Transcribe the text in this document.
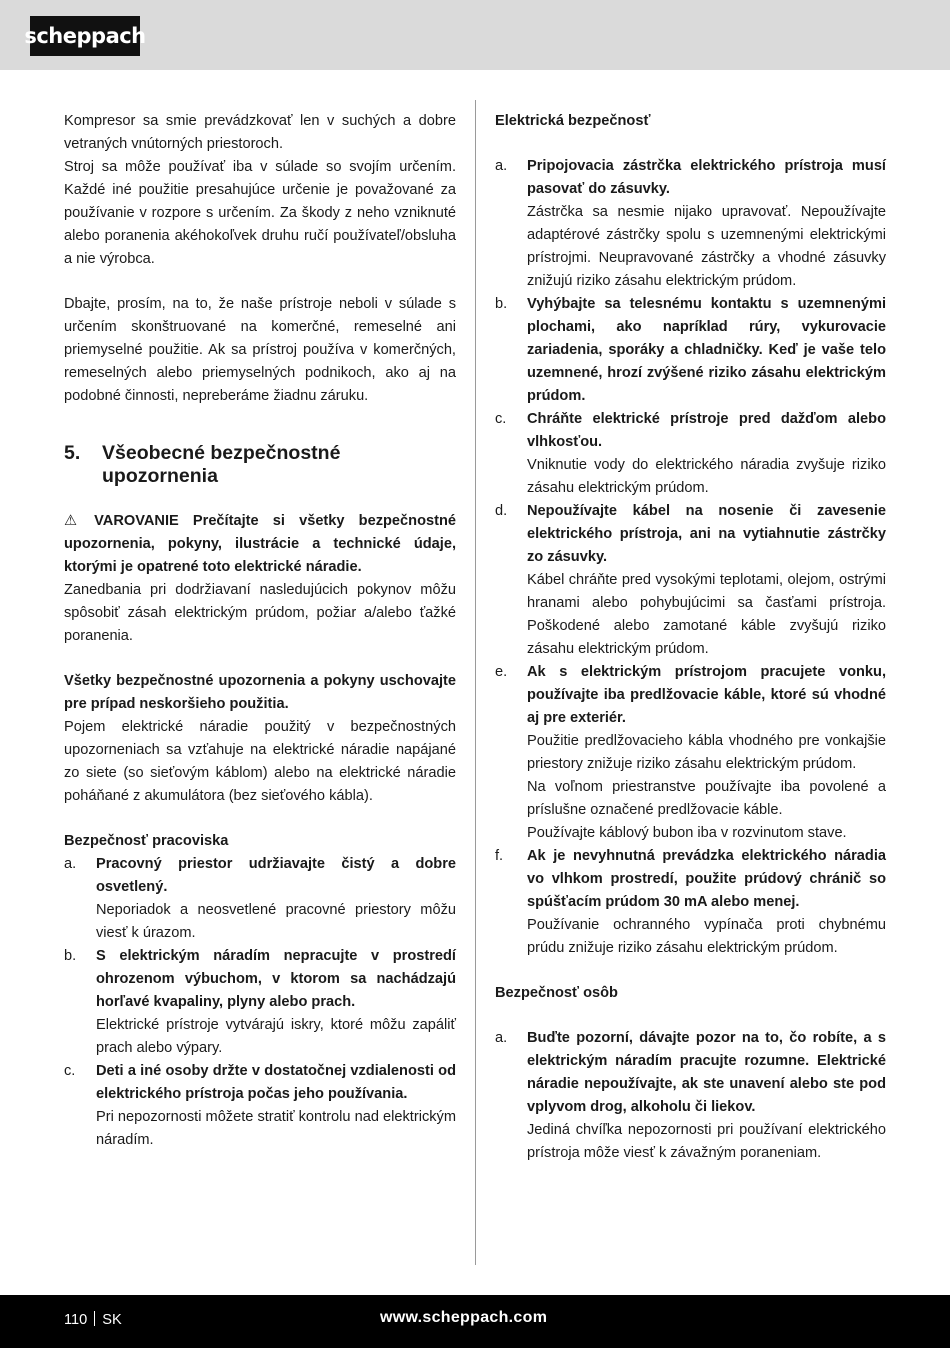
scheppach

Kompresor sa smie prevádzkovať len v suchých a dobre vetraných vnútorných priestoroch.

Stroj sa môže používať iba v súlade so svojím určením. Každé iné použitie presahujúce určenie je považované za používanie v rozpore s určením. Za škody z neho vzniknuté alebo poranenia akéhokoľvek druhu ručí používateľ/obsluha a nie výrobca.

Dbajte, prosím, na to, že naše prístroje neboli v súlade s určením skonštruované na komerčné, remeselné ani priemyselné použitie. Ak sa prístroj používa v komerčných, remeselných alebo priemyselných podnikoch, ako aj na podobné činnosti, nepreberáme žiadnu záruku.

5.	Všeobecné bezpečnostné upozornenia

⚠ VAROVANIE Prečítajte si všetky bezpečnostné upozornenia, pokyny, ilustrácie a technické údaje, ktorými je opatrené toto elektrické náradie.

Zanedbania pri dodržiavaní nasledujúcich pokynov môžu spôsobiť zásah elektrickým prúdom, požiar a/alebo ťažké poranenia.

Všetky bezpečnostné upozornenia a pokyny uschovajte pre prípad neskoršieho použitia.

Pojem elektrické náradie použitý v bezpečnostných upozorneniach sa vzťahuje na elektrické náradie napájané zo siete (so sieťovým káblom) alebo na elektrické náradie poháňané z akumulátora (bez sieťového kábla).

Bezpečnosť pracoviska

a.	Pracovný priestor udržiavajte čistý a dobre osvetlený.

Neporiadok a neosvetlené pracovné priestory môžu viesť k úrazom.

b.	S elektrickým náradím nepracujte v prostredí ohrozenom výbuchom, v ktorom sa nachádzajú horľavé kvapaliny, plyny alebo prach.

Elektrické prístroje vytvárajú iskry, ktoré môžu zapáliť prach alebo výpary.

c.	Deti a iné osoby držte v dostatočnej vzdialenosti od elektrického prístroja počas jeho používania.

Pri nepozornosti môžete stratiť kontrolu nad elektrickým náradím.

Elektrická bezpečnosť

a.	Pripojovacia zástrčka elektrického prístroja musí pasovať do zásuvky.

Zástrčka sa nesmie nijako upravovať. Nepoužívajte adaptérové zástrčky spolu s uzemnenými elektrickými prístrojmi. Neupravované zástrčky a vhodné zásuvky znižujú riziko zásahu elektrickým prúdom.

b.	Vyhýbajte sa telesnému kontaktu s uzemnenými plochami, ako napríklad rúry, vykurovacie zariadenia, sporáky a chladničky. Keď je vaše telo uzemnené, hrozí zvýšené riziko zásahu elektrickým prúdom.

c.	Chráňte elektrické prístroje pred dažďom alebo vlhkosťou.

Vniknutie vody do elektrického náradia zvyšuje riziko zásahu elektrickým prúdom.

d.	Nepoužívajte kábel na nosenie či zavesenie elektrického prístroja, ani na vytiahnutie zástrčky zo zásuvky.

Kábel chráňte pred vysokými teplotami, olejom, ostrými hranami alebo pohybujúcimi sa časťami prístroja. Poškodené alebo zamotané káble zvyšujú riziko zásahu elektrickým prúdom.

e.	Ak s elektrickým prístrojom pracujete vonku, používajte iba predlžovacie káble, ktoré sú vhodné aj pre exteriér.

Použitie predlžovacieho kábla vhodného pre vonkajšie priestory znižuje riziko zásahu elektrickým prúdom.

Na voľnom priestranstve používajte iba povolené a príslušne označené predlžovacie káble.

Používajte káblový bubon iba v rozvinutom stave.

f.	Ak je nevyhnutná prevádzka elektrického náradia vo vlhkom prostredí, použite prúdový chránič so spúšťacím prúdom 30 mA alebo menej.

Používanie ochranného vypínača proti chybnému prúdu znižuje riziko zásahu elektrickým prúdom.

Bezpečnosť osôb

a.	Buďte pozorní, dávajte pozor na to, čo robíte, a s elektrickým náradím pracujte rozumne. Elektrické náradie nepoužívajte, ak ste unavení alebo ste pod vplyvom drog, alkoholu či liekov.

Jediná chvíľka nepozornosti pri používaní elektrického prístroja môže viesť k závažným poraneniam.

110 SK	www.scheppach.com
